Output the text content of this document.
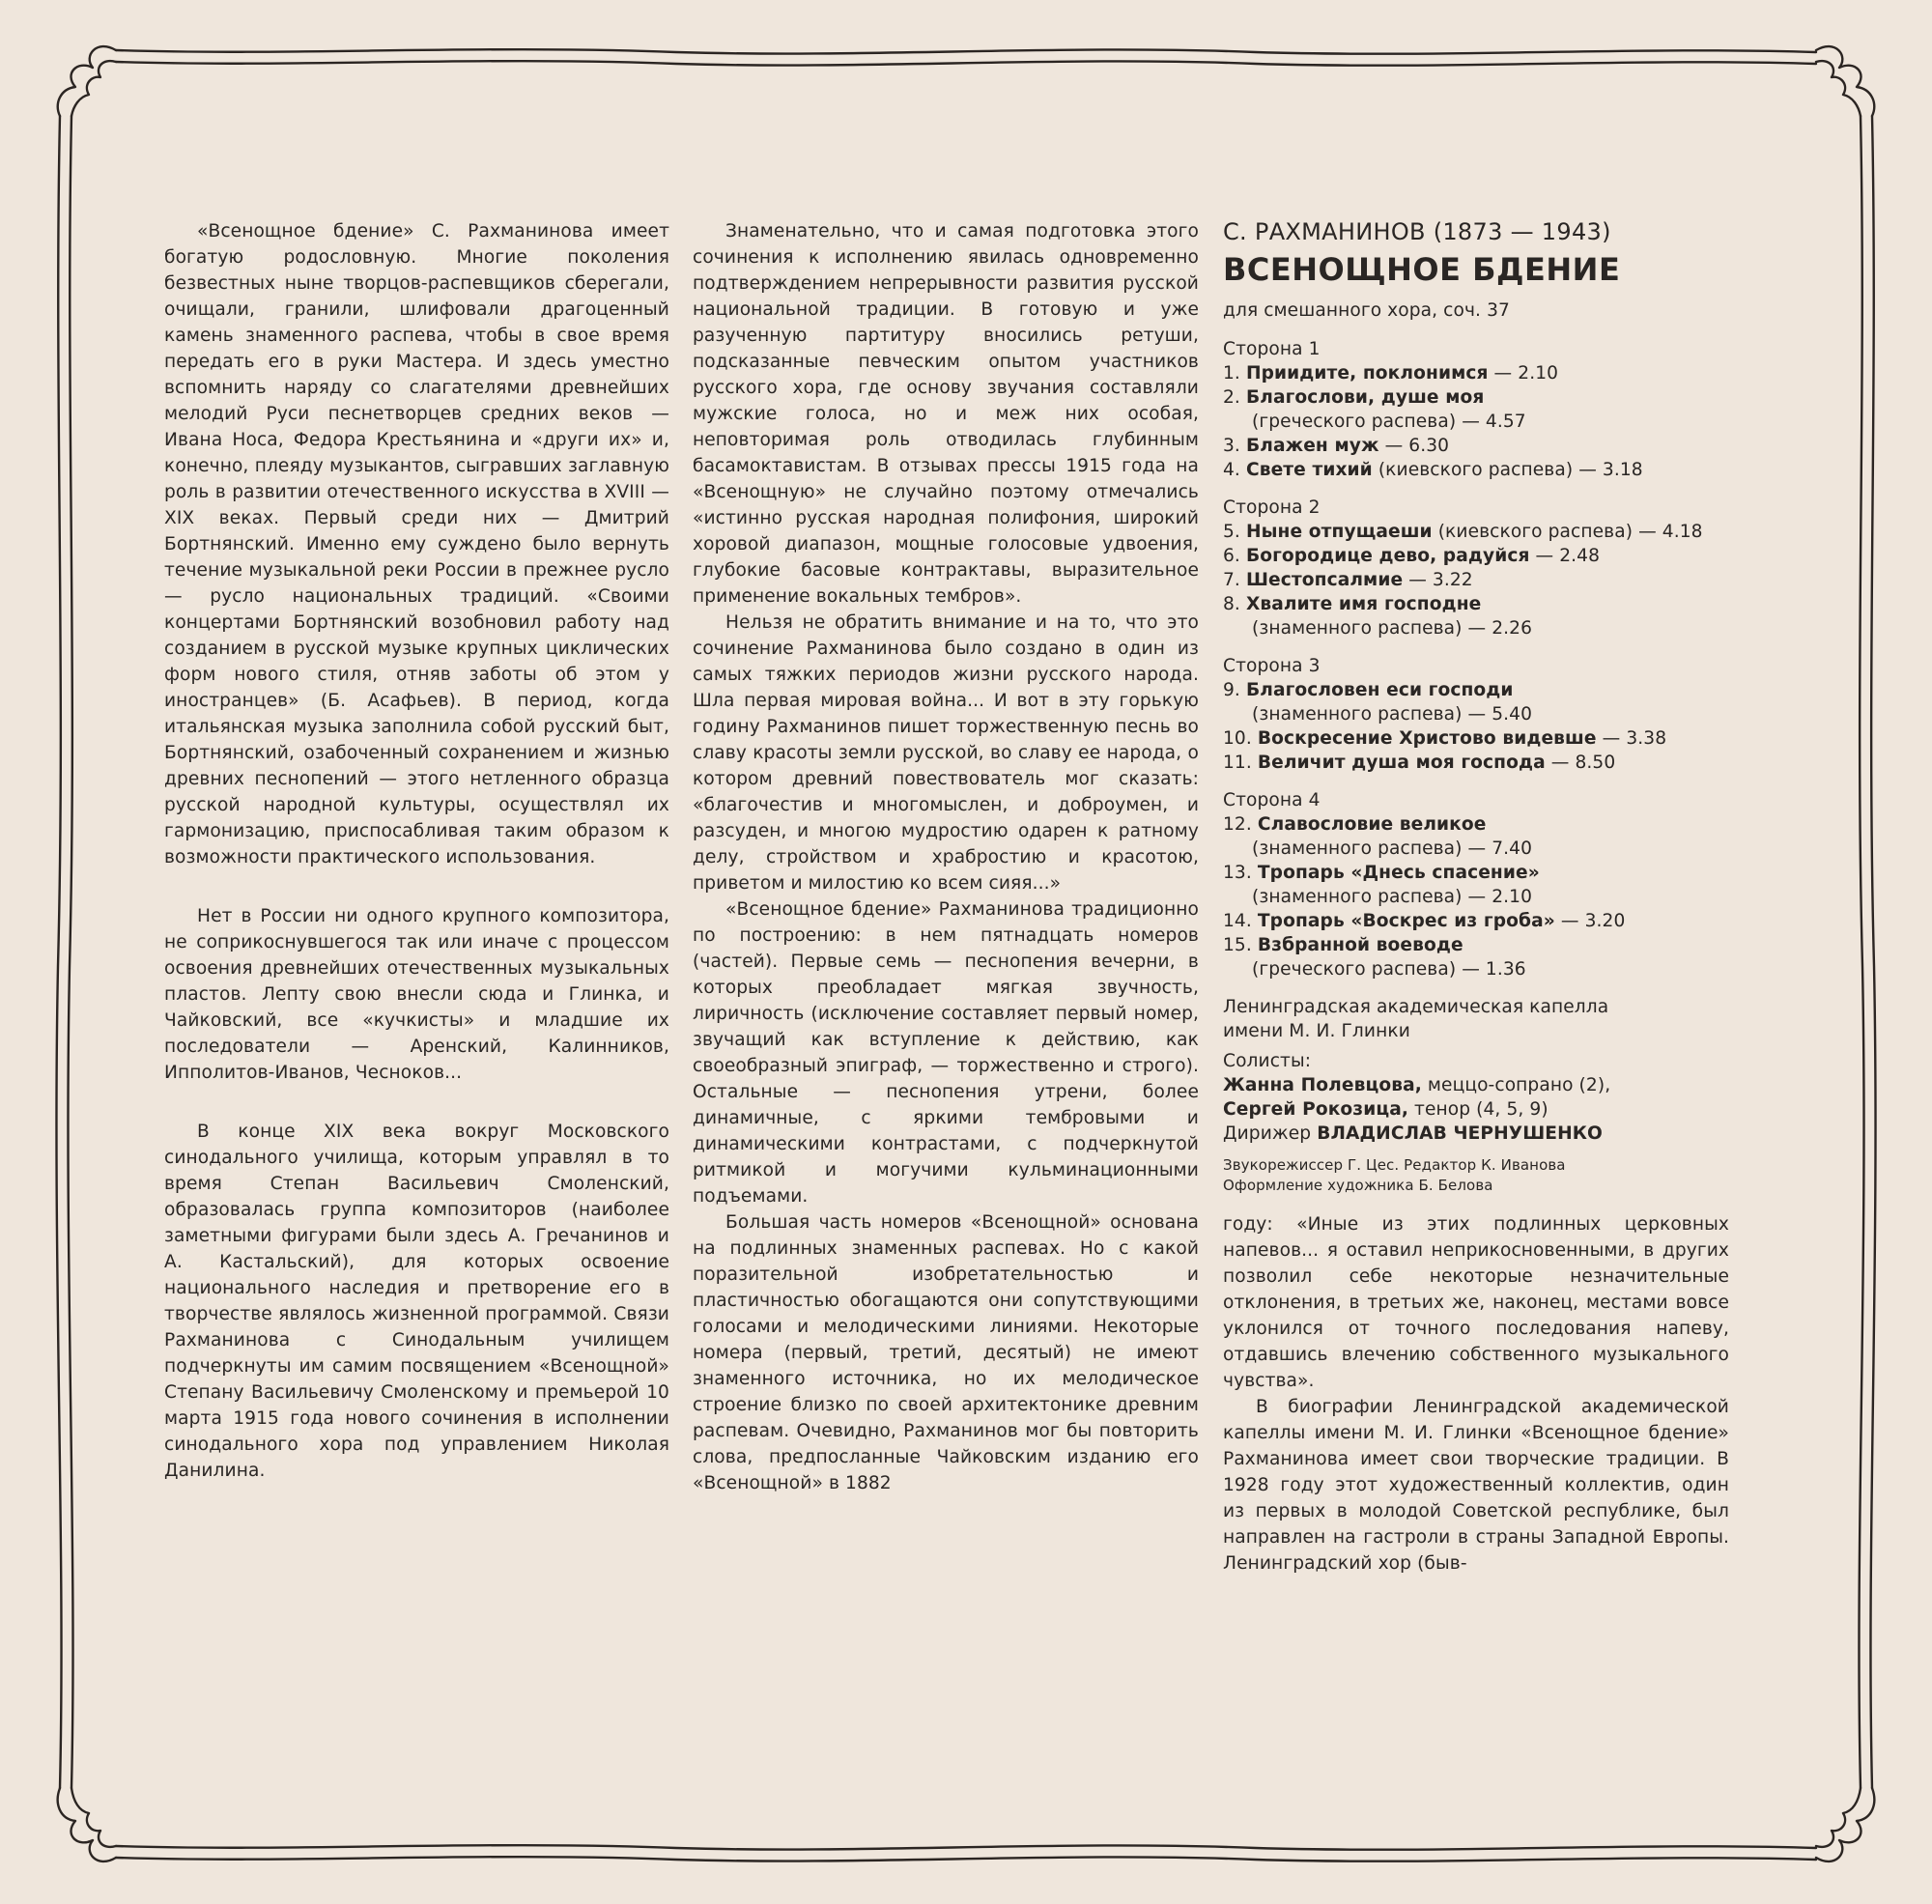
«Всенощное бдение» С. Рахманинова имеет богатую родословную. Многие поколения безвестных ныне творцов-распевщиков сберегали, очищали, гранили, шлифовали драгоценный камень знаменного распева, чтобы в свое время передать его в руки Мастера. И здесь уместно вспомнить наряду со слагателями древнейших мелодий Руси песнетворцев средних веков — Ивана Носа, Федора Крестьянина и «други их» и, конечно, плеяду музыкантов, сыгравших заглавную роль в развитии отечественного искусства в XVIII — XIX веках. Первый среди них — Дмитрий Бортнянский. Именно ему суждено было вернуть течение музыкальной реки России в прежнее русло — русло национальных традиций. «Своими концертами Бортнянский возобновил работу над созданием в русской музыке крупных циклических форм нового стиля, отняв заботы об этом у иностранцев» (Б. Асафьев). В период, когда итальянская музыка заполнила собой русский быт, Бортнянский, озабоченный сохранением и жизнью древних песнопений — этого нетленного образца русской народной культуры, осуществлял их гармонизацию, приспосабливая таким образом к возможности практического использования.

Нет в России ни одного крупного композитора, не соприкоснувшегося так или иначе с процессом освоения древнейших отечественных музыкальных пластов. Лепту свою внесли сюда и Глинка, и Чайковский, все «кучкисты» и младшие их последователи — Аренский, Калинников, Ипполитов-Иванов, Чесноков...

В конце XIX века вокруг Московского синодального училища, которым управлял в то время Степан Васильевич Смоленский, образовалась группа композиторов (наиболее заметными фигурами были здесь А. Гречанинов и А. Кастальский), для которых освоение национального наследия и претворение его в творчестве являлось жизненной программой. Связи Рахманинова с Синодальным училищем подчеркнуты им самим посвящением «Всенощной» Степану Васильевичу Смоленскому и премьерой 10 марта 1915 года нового сочинения в исполнении синодального хора под управлением Николая Данилина.

Знаменательно, что и самая подготовка этого сочинения к исполнению явилась одновременно подтверждением непрерывности развития русской национальной традиции. В готовую и уже разученную партитуру вносились ретуши, подсказанные певческим опытом участников русского хора, где основу звучания составляли мужские голоса, но и меж них особая, неповторимая роль отводилась глубинным басамоктавистам. В отзывах прессы 1915 года на «Всенощную» не случайно поэтому отмечались «истинно русская народная полифония, широкий хоровой диапазон, мощные голосовые удвоения, глубокие басовые контрактавы, выразительное применение вокальных тембров».

Нельзя не обратить внимание и на то, что это сочинение Рахманинова было создано в один из самых тяжких периодов жизни русского народа. Шла первая мировая война... И вот в эту горькую годину Рахманинов пишет торжественную песнь во славу красоты земли русской, во славу ее народа, о котором древний повествователь мог сказать: «благочестив и многомыслен, и доброумен, и разсуден, и многою мудростию одарен к ратному делу, стройством и храбростию и красотою, приветом и милостию ко всем сияя...»

«Всенощное бдение» Рахманинова традиционно по построению: в нем пятнадцать номеров (частей). Первые семь — песнопения вечерни, в которых преобладает мягкая звучность, лиричность (исключение составляет первый номер, звучащий как вступление к действию, как своеобразный эпиграф, — торжественно и строго). Остальные — песнопения утрени, более динамичные, с яркими тембровыми и динамическими контрастами, с подчеркнутой ритмикой и могучими кульминационными подъемами.

Большая часть номеров «Всенощной» основана на подлинных знаменных распевах. Но с какой поразительной изобретательностью и пластичностью обогащаются они сопутствующими голосами и мелодическими линиями. Некоторые номера (первый, третий, десятый) не имеют знаменного источника, но их мелодическое строение близко по своей архитектонике древним распевам. Очевидно, Рахманинов мог бы повторить слова, предпосланные Чайковским изданию его «Всенощной» в 1882

С. РАХМАНИНОВ (1873 — 1943)
ВСЕНОЩНОЕ БДЕНИЕ
для смешанного хора, соч. 37
Сторона 1
1. Приидите, поклонимся — 2.10
2. Благослови, душе моя
(греческого распева) — 4.57
3. Блажен муж — 6.30
4. Свете тихий (киевского распева) — 3.18
Сторона 2
5. Ныне отпущаеши (киевского распева) — 4.18
6. Богородице дево, радуйся — 2.48
7. Шестопсалмие — 3.22
8. Хвалите имя господне
(знаменного распева) — 2.26
Сторона 3
9. Благословен еси господи
(знаменного распева) — 5.40
10. Воскресение Христово видевше — 3.38
11. Величит душа моя господа — 8.50
Сторона 4
12. Славословие великое
(знаменного распева) — 7.40
13. Тропарь «Днесь спасение»
(знаменного распева) — 2.10
14. Тропарь «Воскрес из гроба» — 3.20
15. Взбранной воеводе
(греческого распева) — 1.36
Ленинградская академическая капелла
имени М. И. Глинки
Солисты:
Жанна Полевцова, меццо-сопрано (2),
Сергей Рокозица, тенор (4, 5, 9)
Дирижер ВЛАДИСЛАВ ЧЕРНУШЕНКО
Звукорежиссер Г. Цес. Редактор К. Иванова
Оформление художника Б. Белова

году: «Иные из этих подлинных церковных напевов... я оставил неприкосновенными, в других позволил себе некоторые незначительные отклонения, в третьих же, наконец, местами вовсе уклонился от точного последования напеву, отдавшись влечению собственного музыкального чувства».

В биографии Ленинградской академической капеллы имени М. И. Глинки «Всенощное бдение» Рахманинова имеет свои творческие традиции. В 1928 году этот художественный коллектив, один из первых в молодой Советской республике, был направлен на гастроли в страны Западной Европы. Ленинградский хор (быв-
